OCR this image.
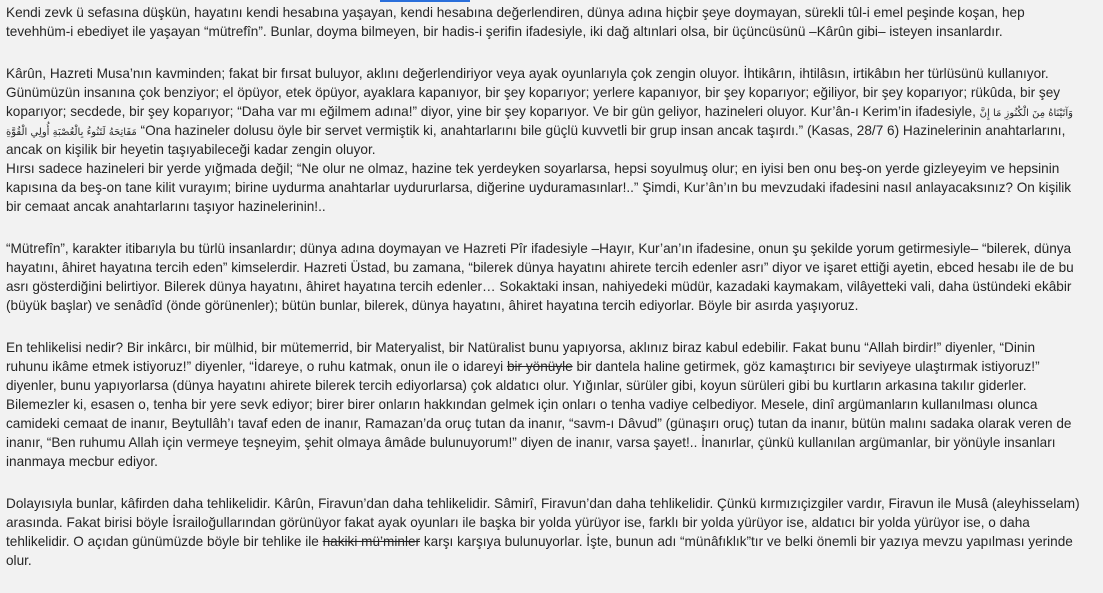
Kendi zevk ü sefasına düşkün, hayatını kendi hesabına yaşayan, kendi hesabına değerlendiren, dünya adına hiçbir şeye doymayan, sürekli tûl-i emel peşinde koşan, hep
tevehhüm-i ebediyet ile yaşayan “mütrefîn”. Bunlar, doyma bilmeyen, bir hadis-i şerifin ifadesiyle, iki dağ altınlari olsa, bir üçüncüsünü –Kârûn gibi– isteyen insanlardır.
Kârûn, Hazreti Musa’nın kavminden; fakat bir fırsat buluyor, aklını değerlendiriyor veya ayak oyunlarıyla çok zengin oluyor. İhtikârın, ihtilâsın, irtikâbın her türlüsünü kullanıyor.
Günümüzün insanına çok benziyor; el öpüyor, etek öpüyor, ayaklara kapanıyor, bir şey koparıyor; yerlere kapanıyor, bir şey koparıyor; eğiliyor, bir şey koparıyor; rükûda, bir şey
koparıyor; secdede, bir şey koparıyor; “Daha var mı eğilmem adına!” diyor, yine bir şey koparıyor. Ve bir gün geliyor, hazineleri oluyor. Kur’ân-ı Kerim’in ifadesiyle, وَآتَيْنَاهُ مِنَ الْكُنُوزِ مَا إِنَّ
مَفَاتِحَهُ لَتَنُوءُ بِالْعُصْبَةِ أُولِي الْقُوَّةِ “Ona hazineler dolusu öyle bir servet vermiştik ki, anahtarlarını bile güçlü kuvvetli bir grup insan ancak taşırdı.” (Kasas, 28/7 6) Hazinelerinin anahtarlarını,
ancak on kişilik bir heyetin taşıyabileceği kadar zengin oluyor.
Hırsı sadece hazineleri bir yerde yığmada değil; “Ne olur ne olmaz, hazine tek yerdeyken soyarlarsa, hepsi soyulmuş olur; en iyisi ben onu beş-on yerde gizleyeyim ve hepsinin
kapısına da beş-on tane kilit vurayım; birine uydurma anahtarlar uydururlarsa, diğerine uyduramasınlar!..” Şimdi, Kur’ân’ın bu mevzudaki ifadesini nasıl anlayacaksınız? On kişilik
bir cemaat ancak anahtarlarını taşıyor hazinelerinin!..
“Mütrefîn”, karakter itibarıyla bu türlü insanlardır; dünya adına doymayan ve Hazreti Pîr ifadesiyle –Hayır, Kur’an’ın ifadesine, onun şu şekilde yorum getirmesiyle– “bilerek, dünya
hayatını, âhiret hayatına tercih eden” kimselerdir. Hazreti Üstad, bu zamana, “bilerek dünya hayatını ahirete tercih edenler asrı” diyor ve işaret ettiği ayetin, ebced hesabı ile de bu
asrı gösterdiğini belirtiyor. Bilerek dünya hayatını, âhiret hayatına tercih edenler… Sokaktaki insan, nahiyedeki müdür, kazadaki kaymakam, vilâyetteki vali, daha üstündeki ekâbir
(büyük başlar) ve senâdîd (önde görünenler); bütün bunlar, bilerek, dünya hayatını, âhiret hayatına tercih ediyorlar. Böyle bir asırda yaşıyoruz.
En tehlikelisi nedir? Bir inkârcı, bir mülhid, bir mütemerrid, bir Materyalist, bir Natüralist bunu yapıyorsa, aklınız biraz kabul edebilir. Fakat bunu “Allah birdir!” diyenler, “Dinin
ruhunu ikâme etmek istiyoruz!” diyenler, “İdareye, o ruhu katmak, onun ile o idareyi bir yönüyle bir dantela haline getirmek, göz kamaştırıcı bir seviyeye ulaştırmak istiyoruz!”
diyenler, bunu yapıyorlarsa (dünya hayatını ahirete bilerek tercih ediyorlarsa) çok aldatıcı olur. Yığınlar, sürüler gibi, koyun sürüleri gibi bu kurtların arkasına takılır giderler.
Bilemezler ki, esasen o, tenha bir yere sevk ediyor; birer birer onların hakkından gelmek için onları o tenha vadiye celbediyor. Mesele, dinî argümanların kullanılması olunca
camideki cemaat de inanır, Beytullâh’ı tavaf eden de inanır, Ramazan’da oruç tutan da inanır, “savm-ı Dâvud” (günaşırı oruç) tutan da inanır, bütün malını sadaka olarak veren de
inanır, “Ben ruhumu Allah için vermeye teşneyim, şehit olmaya âmâde bulunuyorum!” diyen de inanır, varsa şayet!.. İnanırlar, çünkü kullanılan argümanlar, bir yönüyle insanları
inanmaya mecbur ediyor.
Dolayısıyla bunlar, kâfirden daha tehlikelidir. Kârûn, Firavun’dan daha tehlikelidir. Sâmirî, Firavun’dan daha tehlikelidir. Çünkü kırmızıçizgiler vardır, Firavun ile Musâ (aleyhisselam)
arasında. Fakat birisi böyle İsrailoğullarından görünüyor fakat ayak oyunları ile başka bir yolda yürüyor ise, farklı bir yolda yürüyor ise, aldatıcı bir yolda yürüyor ise, o daha
tehlikelidir. O açıdan günümüzde böyle bir tehlike ile hakiki mü’minler karşı karşıya bulunuyorlar. İşte, bunun adı “münâfıklık”tır ve belki önemli bir yazıya mevzu yapılması yerinde
olur.
